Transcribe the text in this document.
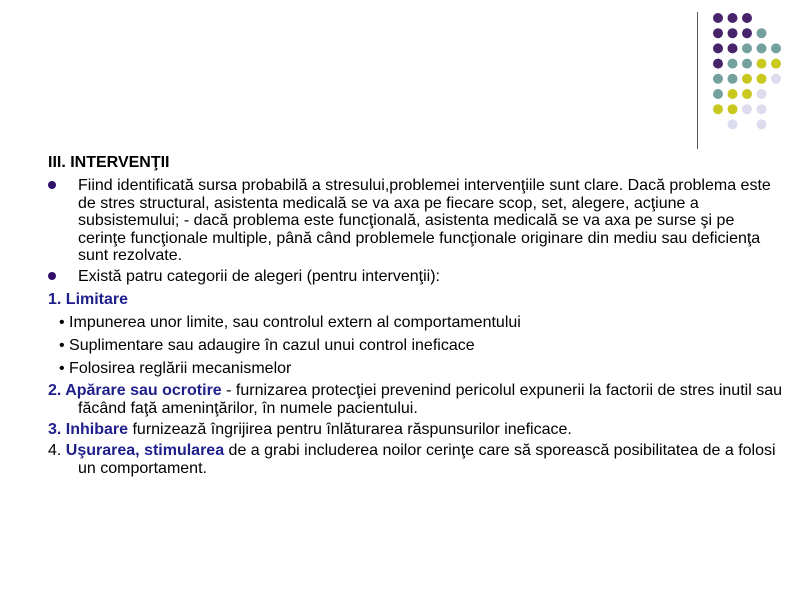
III. INTERVENŢII
Fiind identificată sursa probabilă a stresului,problemei intervenţiile sunt clare. Dacă problema este de stres structural, asistenta medicală se va axa pe fiecare scop, set, alegere, acţiune a subsistemului; - dacă problema este funcţională, asistenta medicală se va axa pe surse şi pe cerinţe funcţionale multiple, până când problemele funcţionale originare din mediu sau deficienţa sunt rezolvate.
Există patru categorii de alegeri (pentru intervenţii):
1. Limitare
• Impunerea unor limite, sau controlul extern al comportamentului
• Suplimentare sau adaugire în cazul unui control ineficace
• Folosirea reglării mecanismelor
2. Apărare sau ocrotire - furnizarea protecţiei prevenind pericolul expunerii la factorii de stres inutil sau făcând faţă ameninţărilor, în numele pacientului.
3. Inhibare furnizează îngrijirea pentru înlăturarea răspunsurilor ineficace.
4. Uşurarea, stimularea de a grabi includerea noilor cerinţe care să sporească posibilitatea de a folosi un comportament.
